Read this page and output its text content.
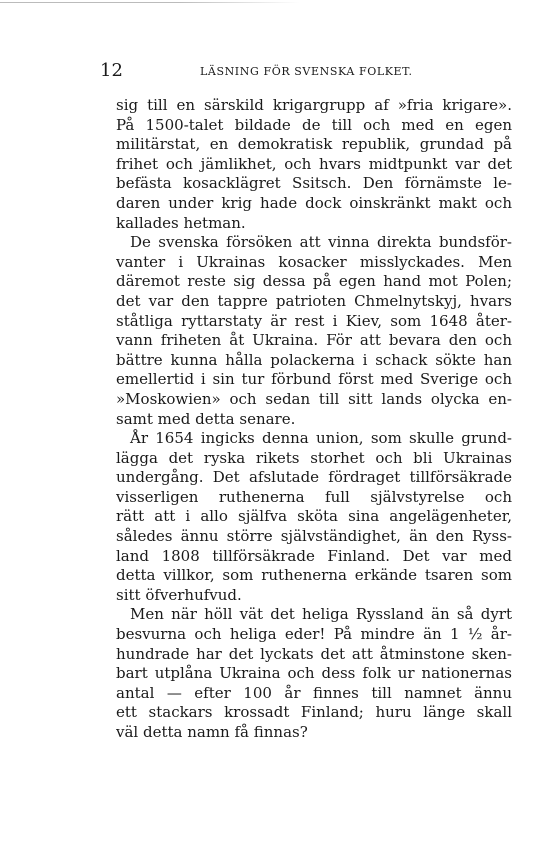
12	LÄSNING FÖR SVENSKA FOLKET.
sig till en särskild krigargrupp af »fria krigare».
På 1500-talet bildade de till och med en egen
militärstat, en demokratisk republik, grundad på
frihet och jämlikhet, och hvars midtpunkt var det
befästa kosacklägret Ssitsch. Den förnämste le-
daren under krig hade dock oinskränkt makt och
kallades hetman.
De svenska försöken att vinna direkta bundsför-
vanter i Ukrainas kosacker misslyckades. Men
däremot reste sig dessa på egen hand mot Polen;
det var den tappre patrioten Chmelnytskyj, hvars
ståtliga ryttarstaty är rest i Kiev, som 1648 åter-
vann friheten åt Ukraina. För att bevara den och
bättre kunna hålla polackerna i schack sökte han
emellertid i sin tur förbund först med Sverige och
»Moskowien» och sedan till sitt lands olycka en-
samt med detta senare.
År 1654 ingicks denna union, som skulle grund-
lägga det ryska rikets storhet och bli Ukrainas
undergång. Det afslutade fördraget tillförsäkrade
visserligen ruthenerna full självstyrelse och
rätt att i allo själfva sköta sina angelägenheter,
således ännu större självständighet, än den Ryss-
land 1808 tillförsäkrade Finland. Det var med
detta villkor, som ruthenerna erkände tsaren som
sitt öfverhufvud.
Men när höll vät det heliga Ryssland än så dyrt
besvurna och heliga eder! På mindre än 1 ½ år-
hundrade har det lyckats det att åtminstone sken-
bart utplåna Ukraina och dess folk ur nationernas
antal — efter 100 år finnes till namnet ännu
ett stackars krossadt Finland; huru länge skall
väl detta namn få finnas?
